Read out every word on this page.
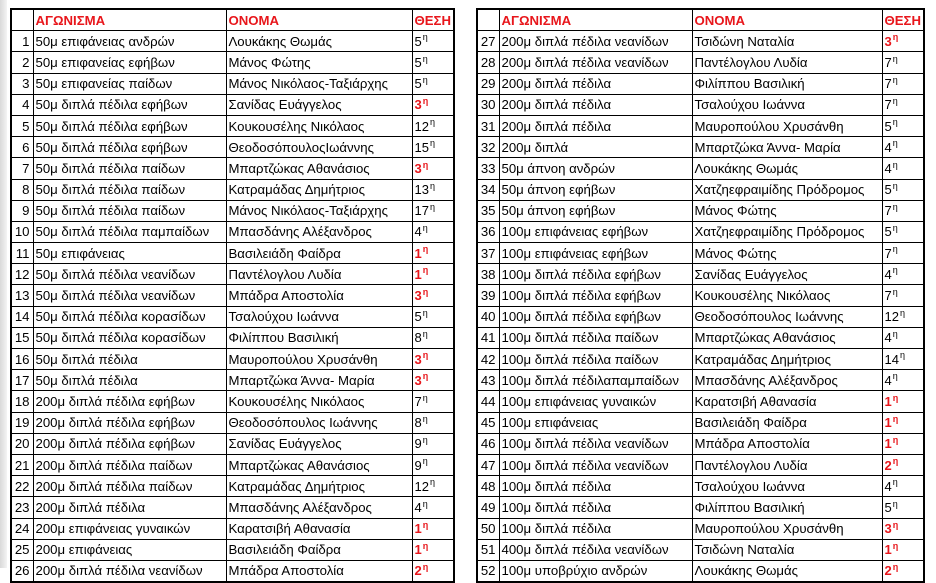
	ΑΓΩΝΙΣΜΑ	ΟΝΟΜΑ	ΘΕΣΗ
1	50μ επιφάνειας ανδρών	Λουκάκης Θωμάς	$5^\eta$
2	50μ επιφανείας εφήβων	Μάνος Φώτης	$5^\eta$
3	50μ επιφανείας παίδων	Μάνος Νικόλαος-Ταξιάρχης	$5^\eta$
4	50μ διπλά πέδιλα εφήβων	Σανίδας Ευάγγελος	$3^\eta$
5	50μ διπλά πέδιλα εφήβων	Κουκουσέλης Νικόλαος	$12^\eta$
6	50μ διπλά πέδιλα εφήβων	ΘεοδοσόπουλοςΙωάννης	$15^\eta$
7	50μ διπλά πέδιλα παίδων	Μπαρτζώκας Αθανάσιος	$3^\eta$
8	50μ διπλά πέδιλα παίδων	Κατραμάδας Δημήτριος	$13^\eta$
9	50μ διπλά πέδιλα παίδων	Μάνος Νικόλαος-Ταξιάρχης	$17^\eta$
10	50μ διπλά πέδιλα παμπαίδων	Μπασδάνης Αλέξανδρος	$4^\eta$
11	50μ επιφάνειας	Βασιλειάδη Φαίδρα	$1^\eta$
12	50μ διπλά πέδιλα νεανίδων	Παντέλογλου Λυδία	$1^\eta$
13	50μ διπλά πέδιλα νεανίδων	Μπάδρα Αποστολία	$3^\eta$
14	50μ διπλά πέδιλα κορασίδων	Τσαλούχου Ιωάννα	$5^\eta$
15	50μ διπλά πέδιλα κορασίδων	Φιλίππου Βασιλική	$8^\eta$
16	50μ διπλά πέδιλα	Μαυροπούλου Χρυσάνθη	$3^\eta$
17	50μ διπλά πέδιλα	Μπαρτζώκα Άννα- Μαρία	$3^\eta$
18	200μ διπλά πέδιλα εφήβων	Κουκουσέλης Νικόλαος	$7^\eta$
19	200μ διπλά πέδιλα εφήβων	Θεοδοσόπουλος Ιωάννης	$8^\eta$
20	200μ διπλά πέδιλα εφήβων	Σανίδας Ευάγγελος	$9^\eta$
21	200μ διπλά πέδιλα παίδων	Μπαρτζώκας Αθανάσιος	$9^\eta$
22	200μ διπλά πέδιλα παίδων	Κατραμάδας Δημήτριος	$12^\eta$
23	200μ διπλά πέδιλα	Μπασδάνης Αλέξανδρος	$4^\eta$
24	200μ επιφάνειας γυναικών	Καρατσιβή Αθανασία	$1^\eta$
25	200μ επιφάνειας	Βασιλειάδη Φαίδρα	$1^\eta$
26	200μ διπλά πέδιλα νεανίδων	Μπάδρα Αποστολία	$2^\eta$
	ΑΓΩΝΙΣΜΑ	ΟΝΟΜΑ	ΘΕΣΗ
27	200μ διπλά πέδιλα νεανίδων	Τσιδώνη Ναταλία	$3^\eta$
28	200μ διπλά πέδιλα νεανίδων	Παντέλογλου Λυδία	$7^\eta$
29	200μ διπλά πέδιλα	Φιλίππου Βασιλική	$7^\eta$
30	200μ διπλά πέδιλα	Τσαλούχου Ιωάννα	$7^\eta$
31	200μ διπλά πέδιλα	Μαυροπούλου Χρυσάνθη	$5^\eta$
32	200μ διπλά	Μπαρτζώκα Άννα- Μαρία	$4^\eta$
33	50μ άπνοη ανδρών	Λουκάκης Θωμάς	$4^\eta$
34	50μ άπνοη εφήβων	Χατζηεφραιμίδης Πρόδρομος	$5^\eta$
35	50μ άπνοη εφήβων	Μάνος Φώτης	$7^\eta$
36	100μ επιφάνειας εφήβων	Χατζηεφραιμίδης Πρόδρομος	$5^\eta$
37	100μ επιφάνειας εφήβων	Μάνος Φώτης	$7^\eta$
38	100μ διπλά πέδιλα εφήβων	Σανίδας Ευάγγελος	$4^\eta$
39	100μ διπλά πέδιλα εφήβων	Κουκουσέλης Νικόλαος	$7^\eta$
40	100μ διπλά πέδιλα εφήβων	Θεοδοσόπουλος Ιωάννης	$12^\eta$
41	100μ διπλά πέδιλα παίδων	Μπαρτζώκας Αθανάσιος	$4^\eta$
42	100μ διπλά πέδιλα παίδων	Κατραμάδας Δημήτριος	$14^\eta$
43	100μ διπλά πέδιλαπαμπαίδων	Μπασδάνης Αλέξανδρος	$4^\eta$
44	100μ επιφάνειας γυναικών	Καρατσιβή Αθανασία	$1^\eta$
45	100μ επιφάνειας	Βασιλειάδη Φαίδρα	$1^\eta$
46	100μ διπλά πέδιλα νεανίδων	Μπάδρα Αποστολία	$1^\eta$
47	100μ διπλά πέδιλα νεανίδων	Παντέλογλου Λυδία	$2^\eta$
48	100μ διπλά πέδιλα	Τσαλούχου Ιωάννα	$4^\eta$
49	100μ διπλά πέδιλα	Φιλίππου Βασιλική	$5^\eta$
50	100μ διπλά πέδιλα	Μαυροπούλου Χρυσάνθη	$3^\eta$
51	400μ διπλά πέδιλα νεανίδων	Τσιδώνη Ναταλία	$1^\eta$
52	100μ υποβρύχιο ανδρών	Λουκάκης Θωμάς	$2^\eta$
